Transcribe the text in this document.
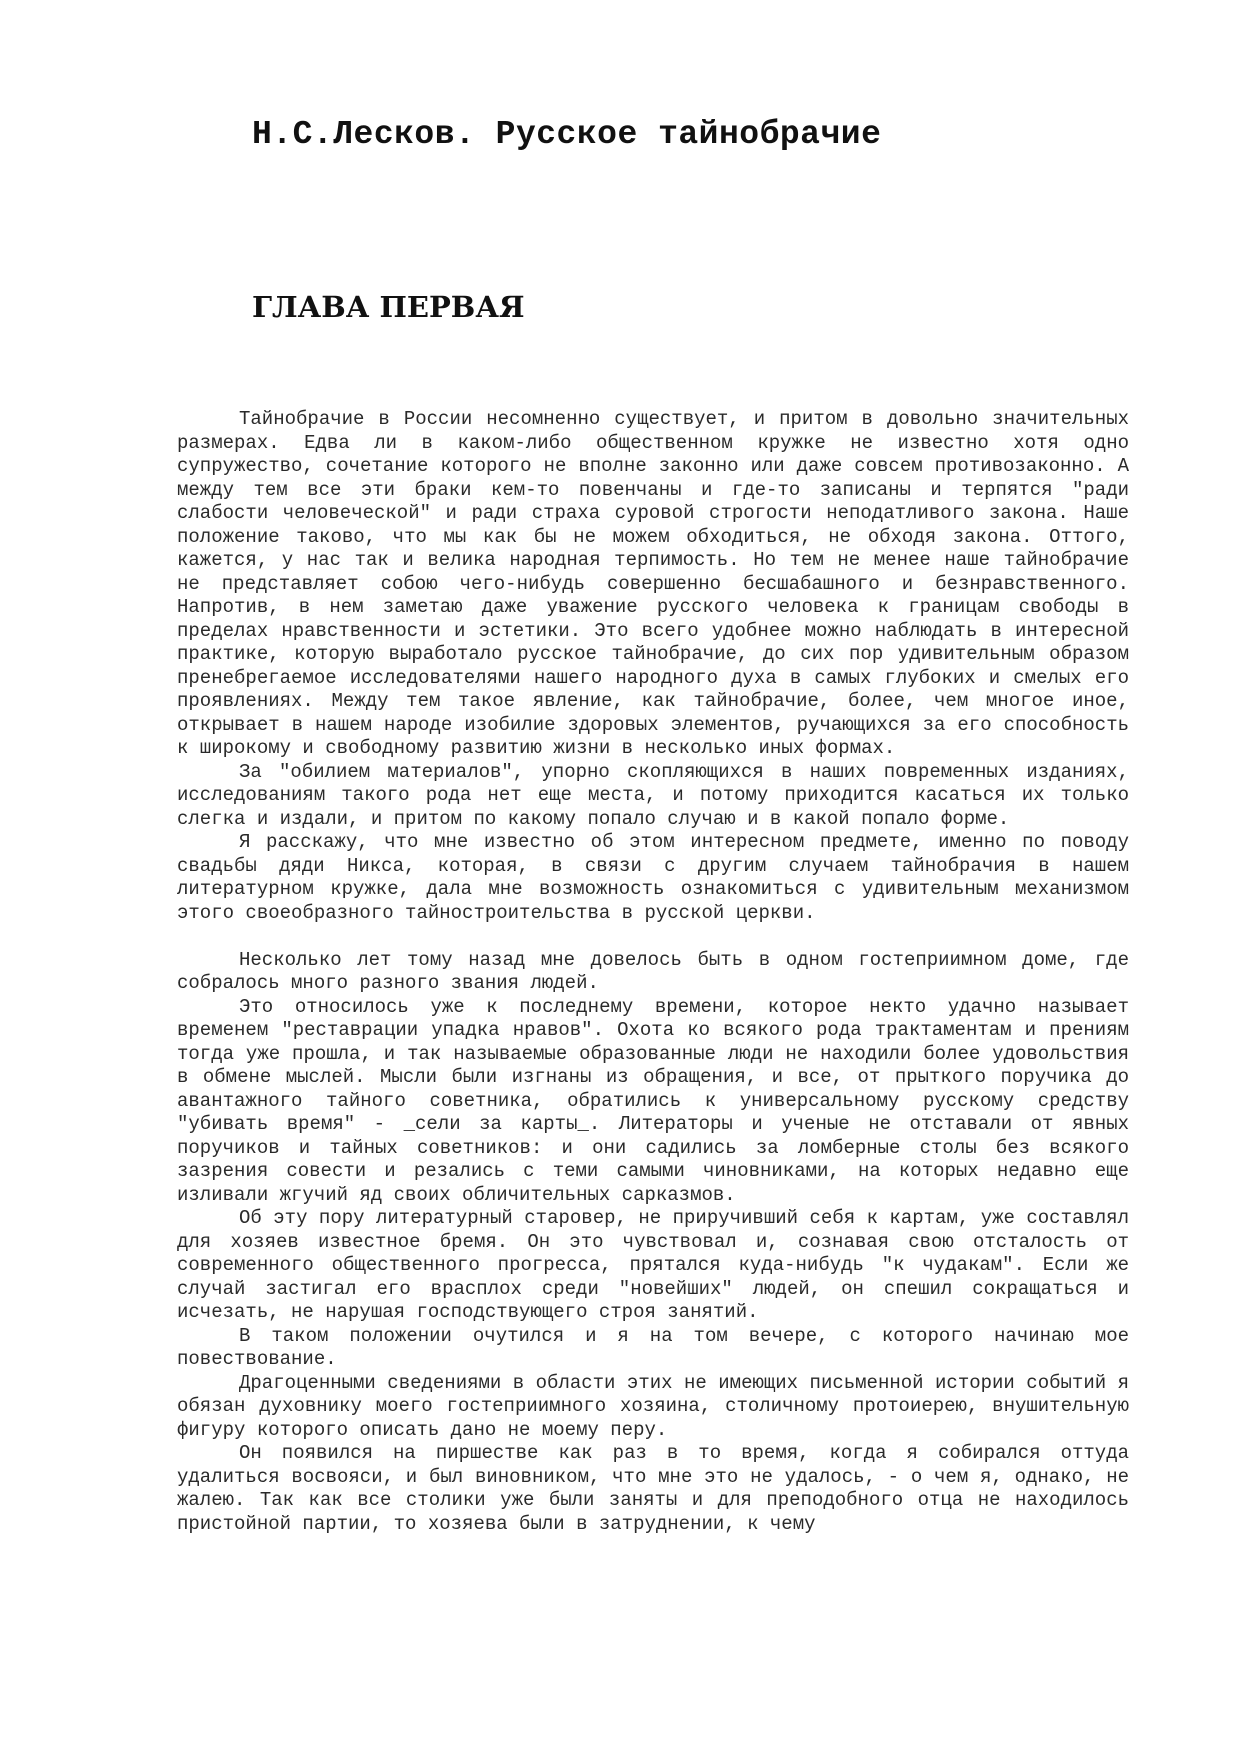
Н.С.Лесков. Русское тайнобрачие
ГЛАВА ПЕРВАЯ

Тайнобрачие в России несомненно существует, и притом в довольно значительных размерах. Едва ли в каком-либо общественном кружке не известно хотя одно супружество, сочетание которого не вполне законно или даже совсем противозаконно. А между тем все эти браки кем-то повенчаны и где-то записаны и терпятся "ради слабости человеческой" и ради страха суровой строгости неподатливого закона. Наше положение таково, что мы как бы не можем обходиться, не обходя закона. Оттого, кажется, у нас так и велика народная терпимость. Но тем не менее наше тайнобрачие не представляет собою чего-нибудь совершенно бесшабашного и безнравственного. Напротив, в нем заметаю даже уважение русского человека к границам свободы в пределах нравственности и эстетики. Это всего удобнее можно наблюдать в интересной практике, которую выработало русское тайнобрачие, до сих пор удивительным образом пренебрегаемое исследователями нашего народного духа в самых глубоких и смелых его проявлениях. Между тем такое явление, как тайнобрачие, более, чем многое иное, открывает в нашем народе изобилие здоровых элементов, ручающихся за его способность к широкому и свободному развитию жизни в несколько иных формах.

За "обилием материалов", упорно скопляющихся в наших повременных изданиях, исследованиям такого рода нет еще места, и потому приходится касаться их только слегка и издали, и притом по какому попало случаю и в какой попало форме.

Я расскажу, что мне известно об этом интересном предмете, именно по поводу свадьбы дяди Никса, которая, в связи с другим случаем тайнобрачия в нашем литературном кружке, дала мне возможность ознакомиться с удивительным механизмом этого своеобразного тайностроительства в русской церкви.

Несколько лет тому назад мне довелось быть в одном гостеприимном доме, где собралось много разного звания людей.

Это относилось уже к последнему времени, которое некто удачно называет временем "реставрации упадка нравов". Охота ко всякого рода трактаментам и прениям тогда уже прошла, и так называемые образованные люди не находили более удовольствия в обмене мыслей. Мысли были изгнаны из обращения, и все, от прыткого поручика до авантажного тайного советника, обратились к универсальному русскому средству "убивать время" - _сели за карты_. Литераторы и ученые не отставали от явных поручиков и тайных советников: и они садились за ломберные столы без всякого зазрения совести и резались с теми самыми чиновниками, на которых недавно еще изливали жгучий яд своих обличительных сарказмов.

Об эту пору литературный старовер, не приручивший себя к картам, уже составлял для хозяев известное бремя. Он это чувствовал и, сознавая свою отсталость от современного общественного прогресса, прятался куда-нибудь "к чудакам". Если же случай застигал его врасплох среди "новейших" людей, он спешил сокращаться и исчезать, не нарушая господствующего строя занятий.

В таком положении очутился и я на том вечере, с которого начинаю мое повествование.

Драгоценными сведениями в области этих не имеющих письменной истории событий я обязан духовнику моего гостеприимного хозяина, столичному протоиерею, внушительную фигуру которого описать дано не моему перу.

Он появился на пиршестве как раз в то время, когда я собирался оттуда удалиться восвояси, и был виновником, что мне это не удалось, - о чем я, однако, не жалею. Так как все столики уже были заняты и для преподобного отца не находилось пристойной партии, то хозяева были в затруднении, к чему
